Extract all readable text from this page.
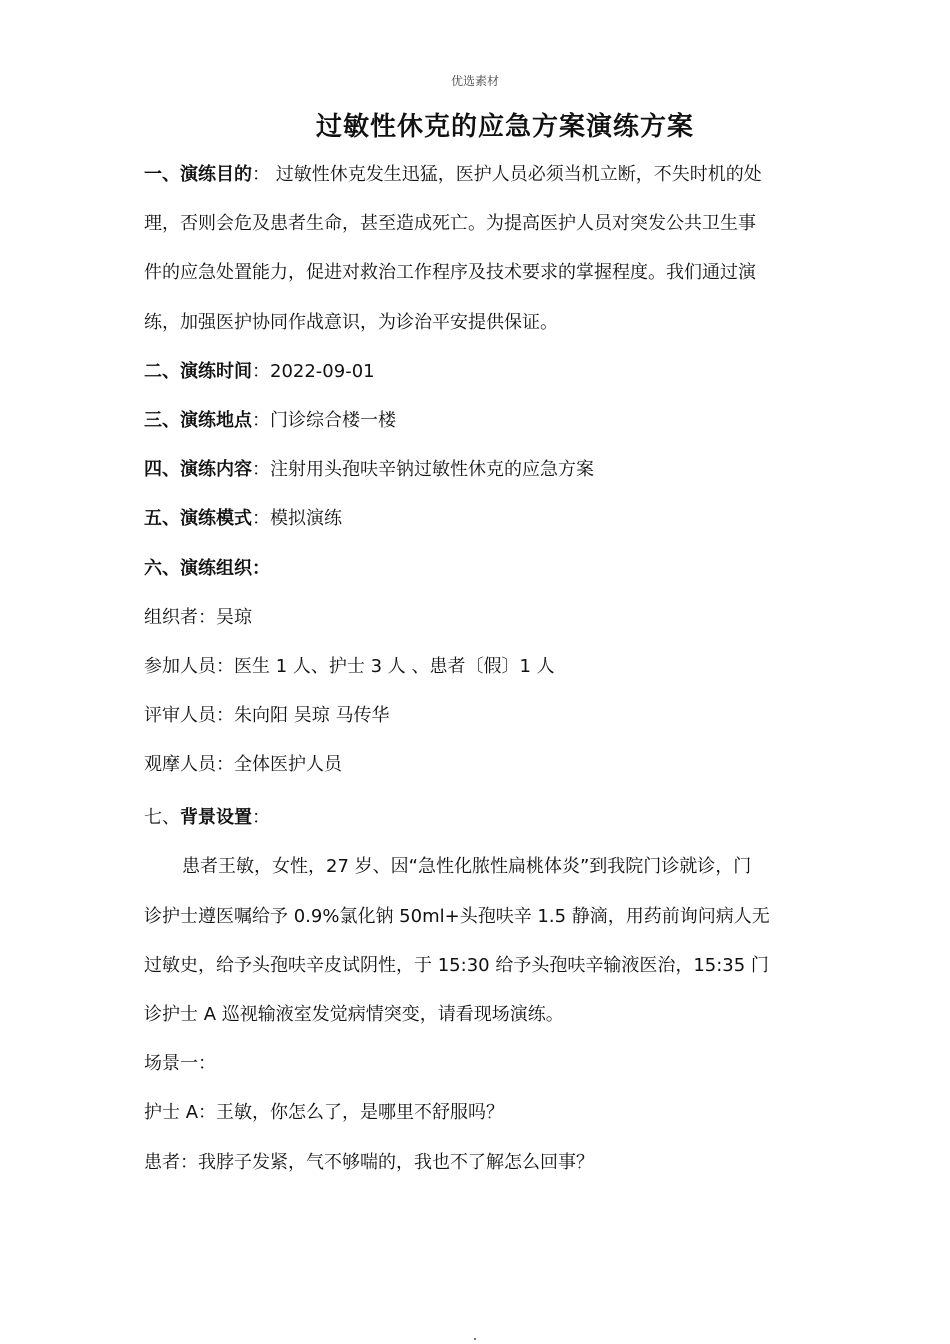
优选素材
过敏性休克的应急方案演练方案
一、演练目的： 过敏性休克发生迅猛，医护人员必须当机立断，不失时机的处
理，否则会危及患者生命，甚至造成死亡。为提高医护人员对突发公共卫生事
件的应急处置能力，促进对救治工作程序及技术要求的掌握程度。我们通过演
练，加强医护协同作战意识，为诊治平安提供保证。
二、演练时间：2022-09-01
三、演练地点：门诊综合楼一楼
四、演练内容：注射用头孢呋辛钠过敏性休克的应急方案
五、演练模式：模拟演练
六、演练组织：
组织者：吴琼
参加人员：医生 1 人、护士 3 人 、患者〔假〕1 人
评审人员：朱向阳 吴琼 马传华
观摩人员：全体医护人员
七、背景设置：
患者王敏，女性，27 岁、因“急性化脓性扁桃体炎”到我院门诊就诊，门
诊护士遵医嘱给予 0.9%氯化钠 50ml+头孢呋辛 1.5 静滴，用药前询问病人无
过敏史，给予头孢呋辛皮试阴性，于 15:30 给予头孢呋辛输液医治，15:35 门
诊护士 A 巡视输液室发觉病情突变，请看现场演练。
场景一：
护士 A：王敏，你怎么了，是哪里不舒服吗？
患者：我脖子发紧，气不够喘的，我也不了解怎么回事？
